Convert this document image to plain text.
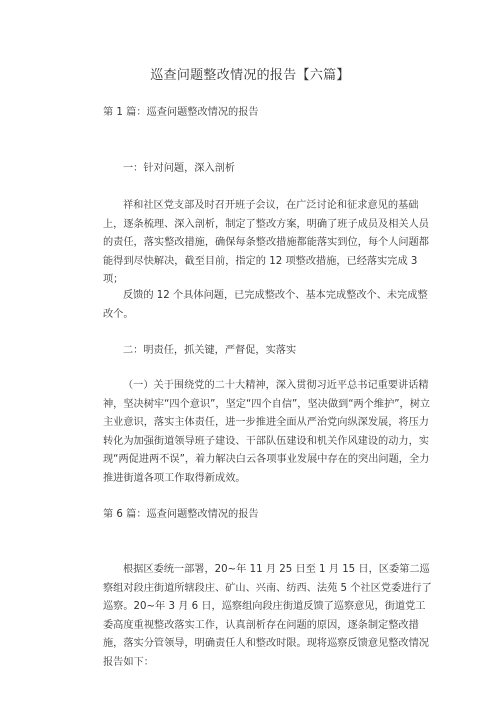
巡查问题整改情况的报告【六篇】

第 1 篇：巡查问题整改情况的报告

一：针对问题，深入剖析

祥和社区党支部及时召开班子会议，在广泛讨论和征求意见的基础上，逐条梳理、深入剖析，制定了整改方案，明确了班子成员及相关人员的责任，落实整改措施，确保每条整改措施都能落实到位，每个人问题都能得到尽快解决，截至目前，指定的 12 项整改措施，已经落实完成 3 项；

反馈的 12 个具体问题，已完成整改个、基本完成整改个、未完成整改个。

二：明责任，抓关键，严督促，实落实

（一）关于围绕党的二十大精神，深入贯彻习近平总书记重要讲话精神，坚决树牢“四个意识”，坚定“四个自信”，坚决做到“两个维护”，树立主业意识，落实主体责任，进一步推进全面从严治党向纵深发展，将压力转化为加强街道领导班子建设、干部队伍建设和机关作风建设的动力，实现“两促进两不误”，着力解决白云各项事业发展中存在的突出问题，全力推进街道各项工作取得新成效。

第 6 篇：巡查问题整改情况的报告

根据区委统一部署，20~年 11 月 25 日至 1 月 15 日，区委第二巡察组对段庄街道所辖段庄、矿山、兴南、纺西、法苑 5 个社区党委进行了巡察。20~年 3 月 6 日，巡察组向段庄街道反馈了巡察意见，街道党工委高度重视整改落实工作，认真剖析存在问题的原因，逐条制定整改措施，落实分管领导，明确责任人和整改时限。现将巡察反馈意见整改情况报告如下：
